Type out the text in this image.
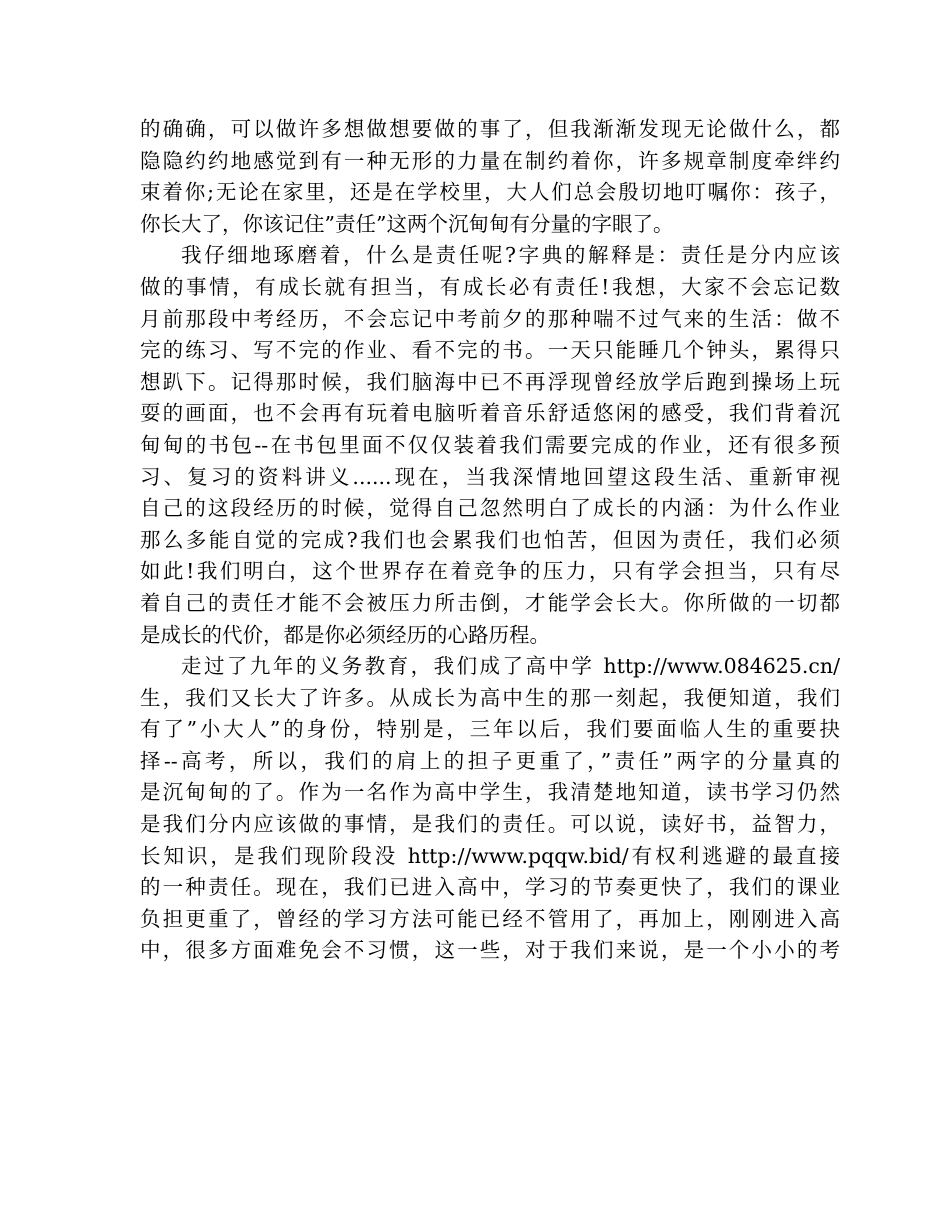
的确确，可以做许多想做想要做的事了，但我渐渐发现无论做什么，都
隐隐约约地感觉到有一种无形的力量在制约着你，许多规章制度牵绊约
束着你;无论在家里，还是在学校里，大人们总会殷切地叮嘱你：孩子，
你长大了，你该记住”责任”这两个沉甸甸有分量的字眼了。
我仔细地琢磨着，什么是责任呢?字典的解释是：责任是分内应该
做的事情，有成长就有担当，有成长必有责任!我想，大家不会忘记数
月前那段中考经历，不会忘记中考前夕的那种喘不过气来的生活：做不
完的练习、写不完的作业、看不完的书。一天只能睡几个钟头，累得只
想趴下。记得那时候，我们脑海中已不再浮现曾经放学后跑到操场上玩
耍的画面，也不会再有玩着电脑听着音乐舒适悠闲的感受，我们背着沉
甸甸的书包--在书包里面不仅仅装着我们需要完成的作业，还有很多预
习、复习的资料讲义......现在，当我深情地回望这段生活、重新审视
自己的这段经历的时候，觉得自己忽然明白了成长的内涵：为什么作业
那么多能自觉的完成?我们也会累我们也怕苦，但因为责任，我们必须
如此!我们明白，这个世界存在着竞争的压力，只有学会担当，只有尽
着自己的责任才能不会被压力所击倒，才能学会长大。你所做的一切都
是成长的代价，都是你必须经历的心路历程。
走过了九年的义务教育，我们成了高中学 http://www.084625.cn/
生，我们又长大了许多。从成长为高中生的那一刻起，我便知道，我们
有了”小大人”的身份，特别是，三年以后，我们要面临人生的重要抉
择--高考，所以，我们的肩上的担子更重了，”责任”两字的分量真的
是沉甸甸的了。作为一名作为高中学生，我清楚地知道，读书学习仍然
是我们分内应该做的事情，是我们的责任。可以说，读好书，益智力，
长知识，是我们现阶段没 http://www.pqqw.bid/有权利逃避的最直接
的一种责任。现在，我们已进入高中，学习的节奏更快了，我们的课业
负担更重了，曾经的学习方法可能已经不管用了，再加上，刚刚进入高
中，很多方面难免会不习惯，这一些，对于我们来说，是一个小小的考
